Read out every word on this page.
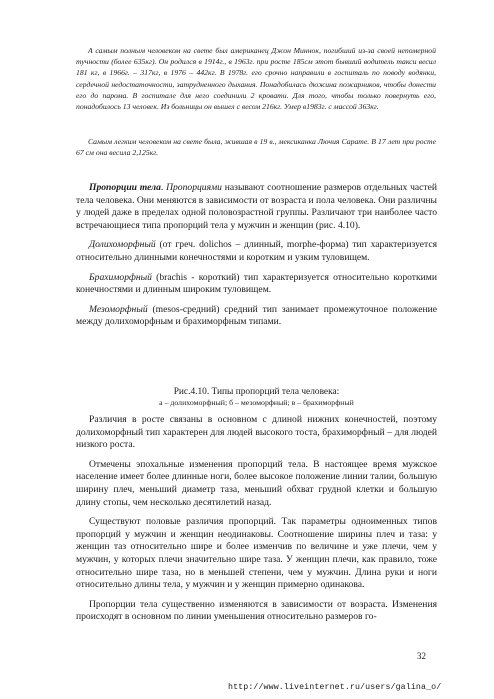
А самым полным человеком на свете был американец Джон Миннок, погибший из-за своей непомерной тучности (более 635кг). Он родился в 1914г., в 1963г. при росте 185см этот бывший водитель такси весил 181 кг, в 1966г. – 317кг, в 1976 – 442кг. В 1978г. его срочно направили в госпиталь по поводу водянки, сердечной недостаточности, затрудненного дыхания. Понадобилась дюжина пожарников, чтобы донести его до парома. В госпитале для него соединили 2 кровати. Для того, чтобы только повернуть его, понадобилось 13 человек. Из больницы он вышел с весом 216кг. Умер в1983г. с массой 363кг.

Самым легким человеком на свете была, жившая в 19 в., мексиканка Лючия Сарате. В 17 лет при росте 67 см она весила 2,125кг.

Пропорции тела. Пропорциями называют соотношение размеров отдельных частей тела человека. Они меняются в зависимости от возраста и пола человека. Они различны у людей даже в пределах одной половозрастной группы. Различают три наиболее часто встречающиеся типа пропорций тела у мужчин и женщин (рис. 4.10).

Долихоморфный (от греч. dolichos – длинный, morphe-форма) тип характеризуется относительно длинными конечностями и коротким и узким туловищем.

Брахиморфный (brachis - короткий) тип характеризуется относительно короткими конечностями и длинным широким туловищем.

Мезоморфный (mesos-средний) средний тип занимает промежуточное положение между долихоморфным и брахиморфным типами.

Рис.4.10. Типы пропорций тела человека:

а – долихоморфный; б – мезоморфный; в – брахиморфный

Различия в росте связаны в основном с длиной нижних конечностей, поэтому долихоморфный тип характерен для людей высокого тоста, брахиморфный – для людей низкого роста.

Отмечены эпохальные изменения пропорций тела. В настоящее время мужское население имеет более длинные ноги, более высокое положение линии талии, большую ширину плеч, меньший диаметр таза, меньший обхват грудной клетки и большую длину стопы, чем несколько десятилетий назад.

Существуют половые различия пропорций. Так параметры одноименных типов пропорций у мужчин и женщин неодинаковы. Соотношение ширины плеч и таза: у женщин таз относительно шире и более изменчив по величине и уже плечи, чем у мужчин, у которых плечи значительно шире таза. У женщин плечи, как правило, тоже относительно шире таза, но в меньшей степени, чем у мужчин. Длина руки и ноги относительно длины тела, у мужчин и у женщин примерно одинакова.

Пропорции тела существенно изменяются в зависимости от возраста. Изменения происходят в основном по линии уменьшения относительно размеров го-

32
http://www.liveinternet.ru/users/galina_o/
